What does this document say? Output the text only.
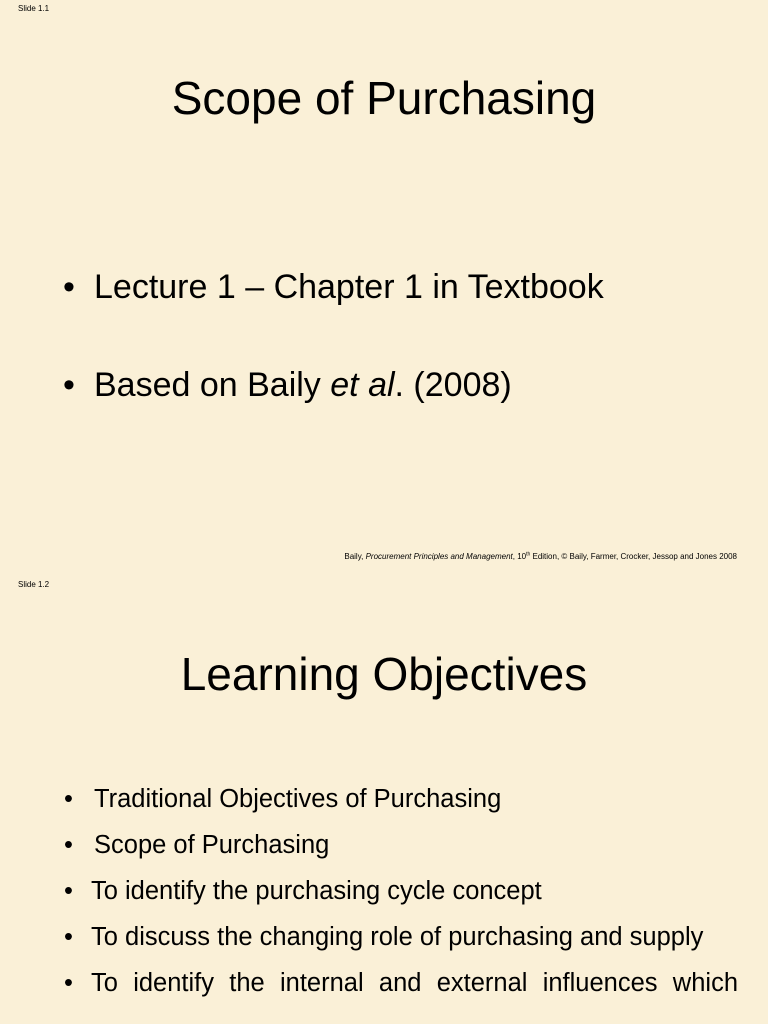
Slide 1.1
Scope of Purchasing
• Lecture 1 – Chapter 1 in Textbook
• Based on Baily et al. (2008)
Baily, Procurement Principles and Management, 10th Edition, © Baily, Farmer, Crocker, Jessop and Jones 2008
Slide 1.2
Learning Objectives
• Traditional Objectives of Purchasing
• Scope of Purchasing
• To identify the purchasing cycle concept
• To discuss the changing role of purchasing and supply
• To identify the internal and external influences which
